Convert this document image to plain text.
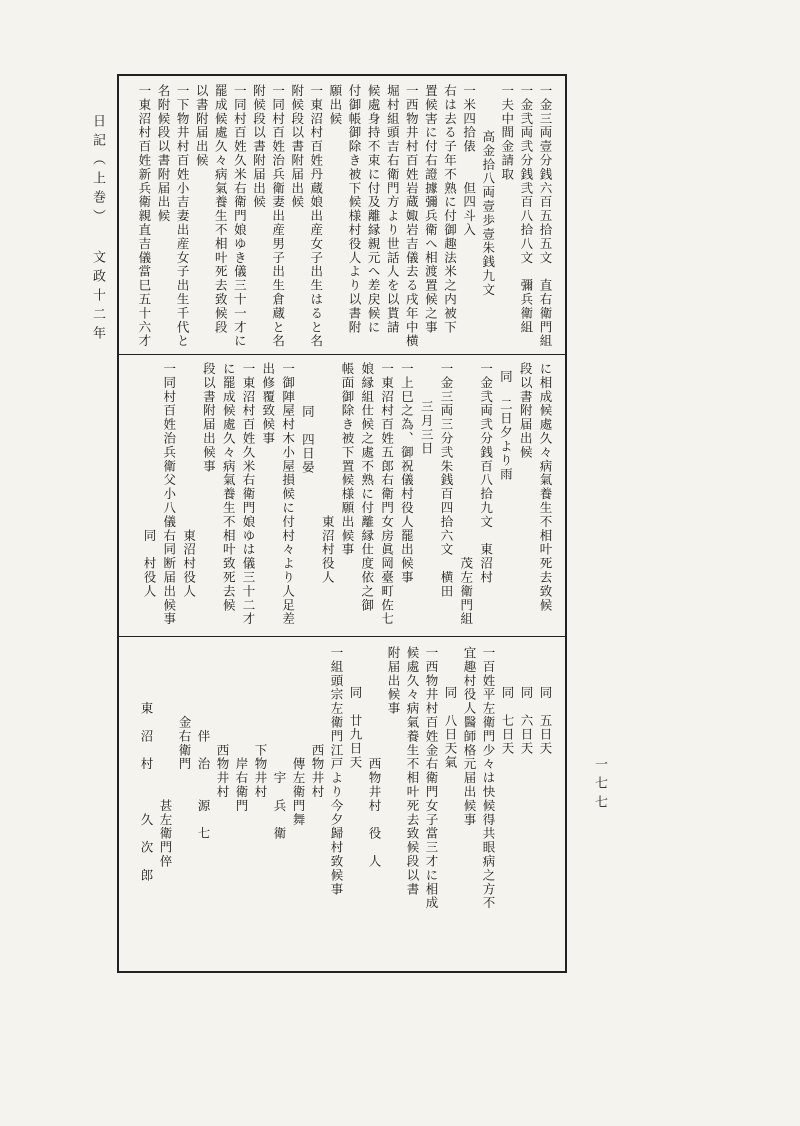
日記（上巻）
文政十二年
一七七
一金三両壹分銭六百五拾五文　直右衛門組
一金弐両弐分銭弐百八拾八文　彌兵衛組
一夫中間金請取
高金拾八両壹歩壹朱銭九文
一米四拾俵　　但四斗入
右は去る子年不熟に付御趣法米之内被下
置候害に付右證據彌兵衛へ相渡置候之事
一西物井村百姓岩蔵娵岩吉儀去る戌年中横
堀村組頭吉右衛門方より世話人を以貰請
候處身持不束に付及離縁親元へ差戻候に
付御帳御除き被下候様村役人より以書附
願出候
一東沼村百姓丹蔵娘出産女子出生はると名
附候段以書附届出候
一同村百姓治兵衛妻出産男子出生倉蔵と名
附候段以書附届出候
一同村百姓久米右衛門娘ゆき儀三十一才に
罷成候處久々病氣養生不相叶死去致候段
以書附届出候
一下物井村百姓小吉妻出産女子出生千代と
名附候段以書附届出候
一東沼村百姓新兵衛親直吉儀當巳五十六才
に相成候處久々病氣養生不相叶死去致候
段以書附届出候
同　二日夕より雨
一金弐両弐分銭百八拾九文　東沼村
　　　　　　　　　　　　　　茂左衛門組
一金三両三分弐朱銭百四拾六文　横田
三月三日
一上巳之為、御祝儀村役人罷出候事
一東沼村百姓五郎右衛門女房眞岡臺町佐七
娘縁組仕候之處不熟に付離縁仕度依之御
帳面御除き被下置候様願出候事
　　　　　　　　　　　東沼村役人
同　四日晏
一御陣屋村木小屋損候に付村々より人足差
出修覆致候事
一東沼村百姓久米右衛門娘ゆは儀三十二才
に罷成候處久々病氣養生不相叶致死去候
段以書附届出候事
　　　　　　　　　　　　東沼村役人
一同村百姓治兵衛父小八儀右同断届出候事
　　　　　　　　　　　　同　村役人
同　五日天
同　六日天
同　七日天
一百姓平左衛門少々は快候得共眼病之方不
宜趣村役人醫師格元届出候事
同　八日天氣
一西物井村百姓金右衛門女子當三才に相成
候處久々病氣養生不相叶死去致候段以書
附届出候事
　　　　　　　　西物井村　役　人
同　廿九日天
一組頭宗左衛門江戸より今夕歸村致候事
　　　　　　　西物井村
　　　　　　　　傳左衛門舞
　　　　　　　　　宇　兵　衛
　　　　　　　下物井村
　　　　　　　　岸右衛門
　　　　　　　西物井村
　　　　　　伴　治　　源　七
　　　　　金右衛門
　　　　　　　　　　　甚左衛門倅
　　　　東　沼　村　　　久　次　郎
